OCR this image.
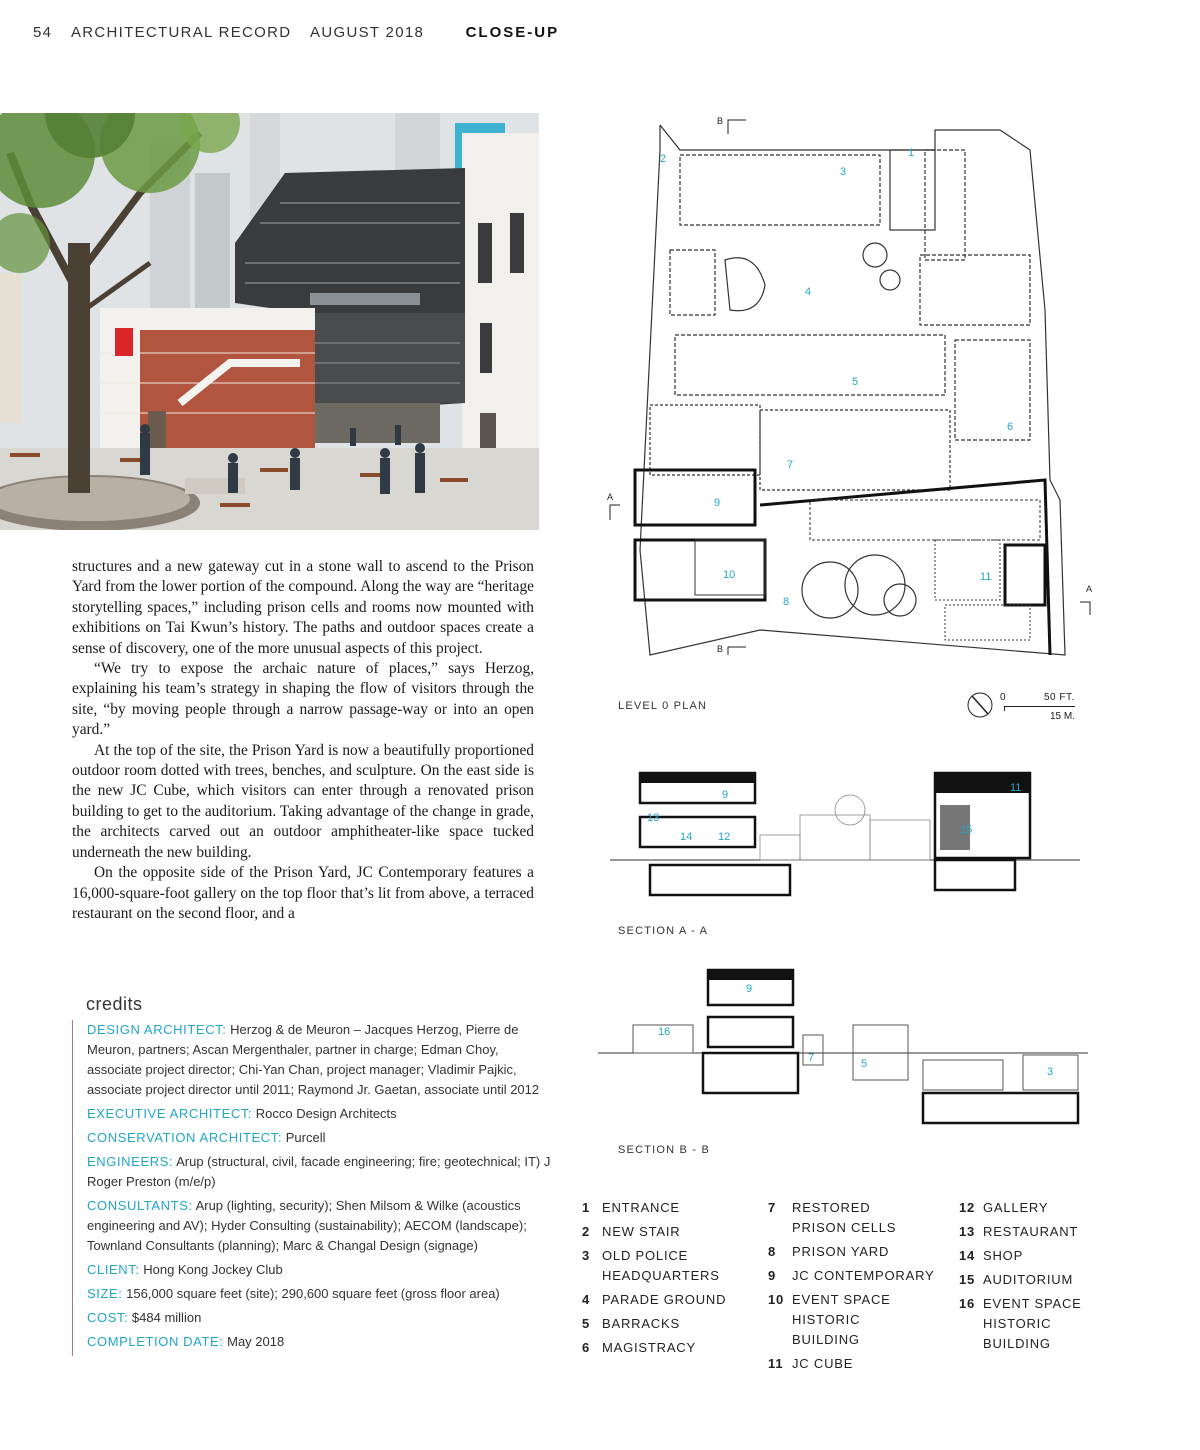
54 ARCHITECTURAL RECORD AUGUST 2018	CLOSE-UP

structures and a new gateway cut in a stone wall to ascend to the Prison Yard from the lower portion of the compound. Along the way are “heritage storytelling spaces,” including prison cells and rooms now mounted with exhibitions on Tai Kwun’s history. The paths and outdoor spaces create a sense of discovery, one of the more unusual aspects of this project.

“We try to expose the archaic nature of places,” says Herzog, explaining his team’s strategy in shaping the flow of visitors through the site, “by moving people through a narrow passage-way or into an open yard.”

At the top of the site, the Prison Yard is now a beautifully proportioned outdoor room dotted with trees, benches, and sculpture. On the east side is the new JC Cube, which visitors can enter through a renovated prison building to get to the auditorium. Taking advantage of the change in grade, the architects carved out an outdoor amphitheater-like space tucked underneath the new building.

On the opposite side of the Prison Yard, JC Contemporary features a 16,000-square-foot gallery on the top floor that’s lit from above, a terraced restaurant on the second floor, and a

credits
DESIGN ARCHITECT: Herzog & de Meuron – Jacques Herzog, Pierre de Meuron, partners; Ascan Mergenthaler, partner in charge; Edman Choy, associate project director; Chi-Yan Chan, project manager; Vladimir Pajkic, associate project director until 2011; Raymond Jr. Gaetan, associate until 2012
EXECUTIVE ARCHITECT: Rocco Design Architects
CONSERVATION ARCHITECT: Purcell
ENGINEERS: Arup (structural, civil, facade engineering; fire; geotechnical; IT) J Roger Preston (m/e/p)
CONSULTANTS: Arup (lighting, security); Shen Milsom & Wilke (acoustics engineering and AV); Hyder Consulting (sustainability); AECOM (landscape); Townland Consultants (planning); Marc & Changal Design (signage)
CLIENT: Hong Kong Jockey Club
SIZE: 156,000 square feet (site); 290,600 square feet (gross floor area)
COST: $484 million
COMPLETION DATE: May 2018
1
2
3
4
5
6
7
8
9
10	11
B
B
A
A
LEVEL 0 PLAN
0	50 FT.
15 M.
9
13
14 12
11
15
SECTION A - A
9
16
7	5
3
SECTION B - B
1 ENTRANCE
2 NEW STAIR
3 OLD POLICE HEADQUARTERS
4 PARADE GROUND
5 BARRACKS
6 MAGISTRACY
7	RESTORED PRISON CELLS
8	PRISON YARD
9	JC CONTEMPORARY
10 EVENT SPACE HISTORIC BUILDING
11 JC CUBE
12 GALLERY
13 RESTAURANT
14 SHOP
15 AUDITORIUM
16 EVENT SPACE HISTORIC BUILDING
